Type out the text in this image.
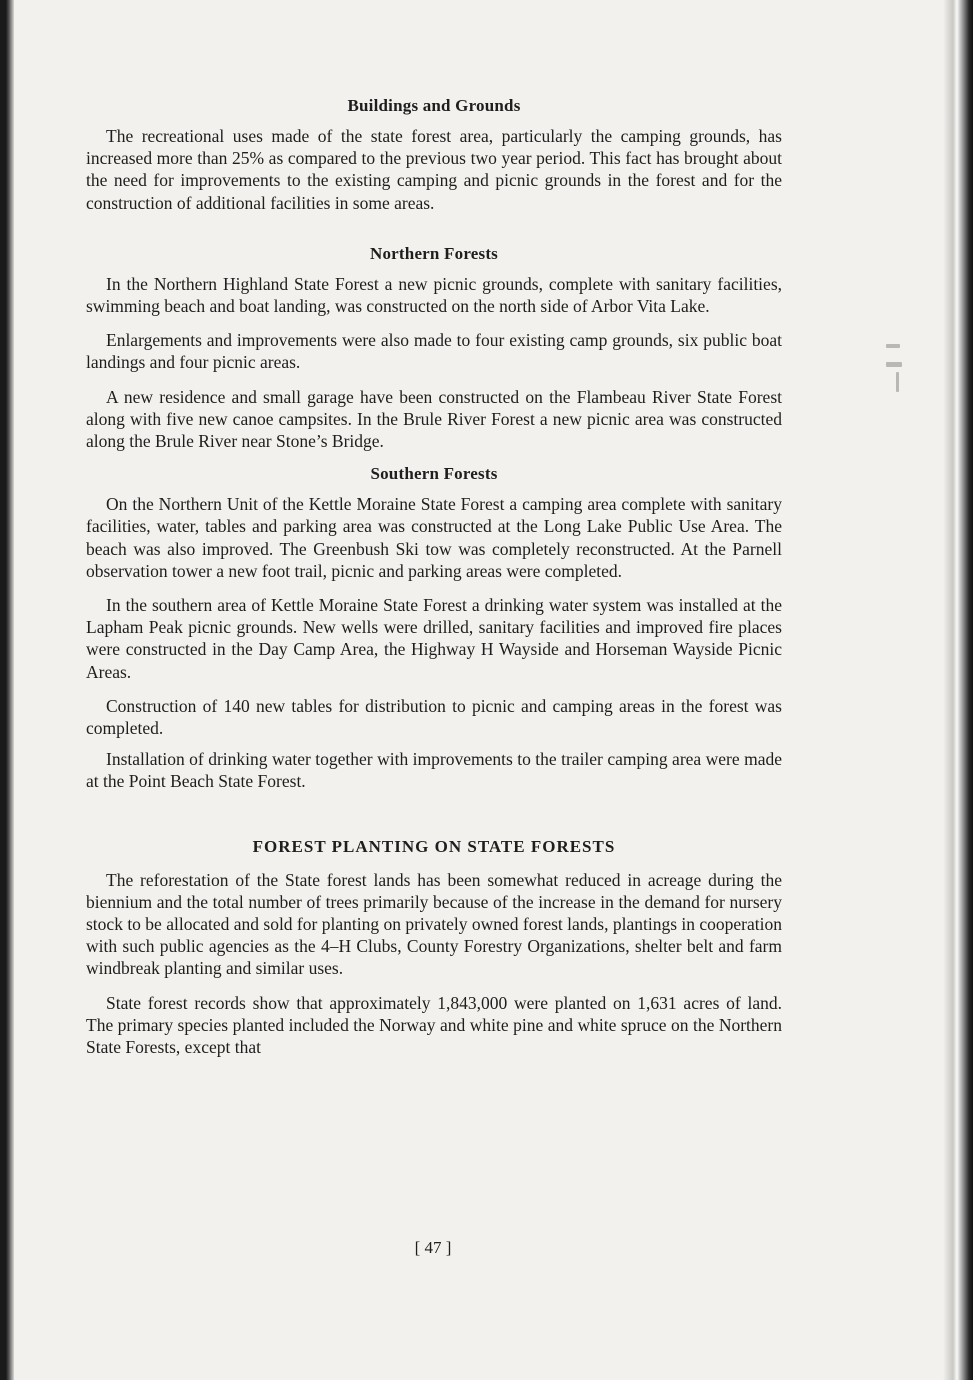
Buildings and Grounds

The recreational uses made of the state forest area, particularly the camping grounds, has increased more than 25% as compared to the previous two year period. This fact has brought about the need for improvements to the existing camping and picnic grounds in the forest and for the construction of additional facilities in some areas.

Northern Forests

In the Northern Highland State Forest a new picnic grounds, complete with sanitary facilities, swimming beach and boat landing, was constructed on the north side of Arbor Vita Lake.

Enlargements and improvements were also made to four existing camp grounds, six public boat landings and four picnic areas.

A new residence and small garage have been constructed on the Flambeau River State Forest along with five new canoe campsites. In the Brule River Forest a new picnic area was constructed along the Brule River near Stone’s Bridge.

Southern Forests

On the Northern Unit of the Kettle Moraine State Forest a camping area complete with sanitary facilities, water, tables and parking area was constructed at the Long Lake Public Use Area. The beach was also improved. The Greenbush Ski tow was completely reconstructed. At the Parnell observation tower a new foot trail, picnic and parking areas were completed.

In the southern area of Kettle Moraine State Forest a drinking water system was installed at the Lapham Peak picnic grounds. New wells were drilled, sanitary facilities and improved fire places were constructed in the Day Camp Area, the Highway H Wayside and Horseman Wayside Picnic Areas.

Construction of 140 new tables for distribution to picnic and camping areas in the forest was completed.

Installation of drinking water together with improvements to the trailer camping area were made at the Point Beach State Forest.

FOREST PLANTING ON STATE FORESTS

The reforestation of the State forest lands has been somewhat reduced in acreage during the biennium and the total number of trees primarily because of the increase in the demand for nursery stock to be allocated and sold for planting on privately owned forest lands, plantings in cooperation with such public agencies as the 4–H Clubs, County Forestry Organizations, shelter belt and farm windbreak planting and similar uses.

State forest records show that approximately 1,843,000 were planted on 1,631 acres of land. The primary species planted included the Norway and white pine and white spruce on the Northern State Forests, except that

[ 47 ]
